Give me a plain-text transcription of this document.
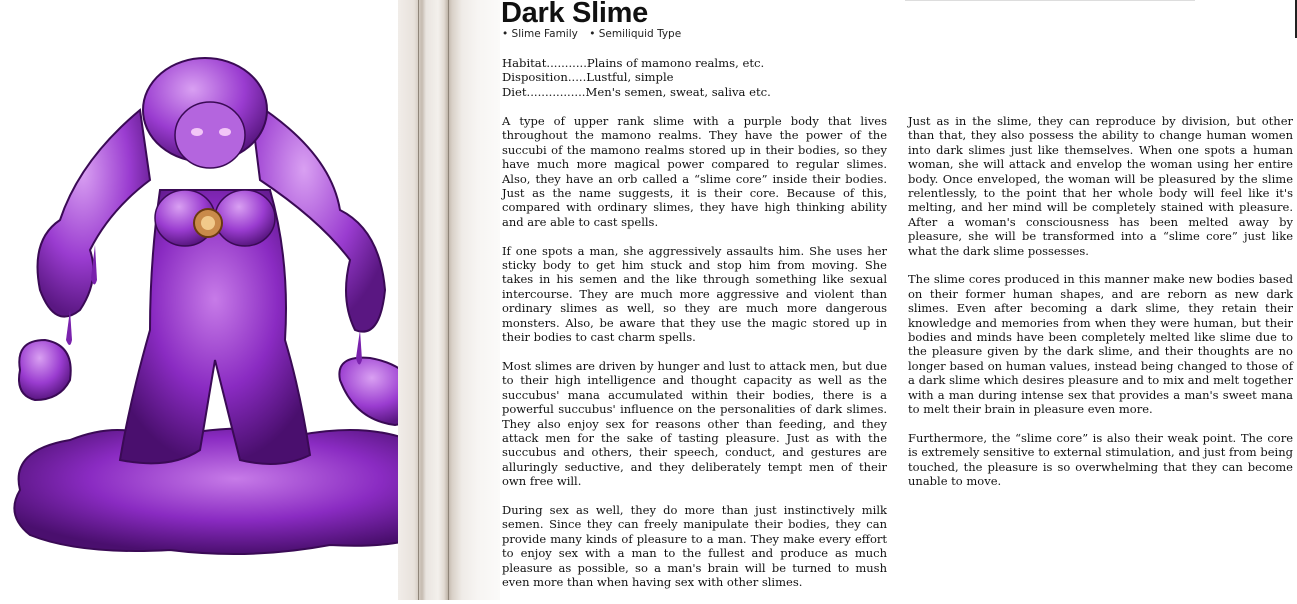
Dark Slime
• Slime Family • Semiliquid Type
Habitat...........Plains of mamono realms, etc.
Disposition.....Lustful, simple
Diet................Men's semen, sweat, saliva etc.

A type of upper rank slime with a purple body that lives throughout the mamono realms. They have the power of the succubi of the mamono realms stored up in their bodies, so they have much more magical power compared to regular slimes. Also, they have an orb called a “slime core” inside their bodies. Just as the name suggests, it is their core. Because of this, compared with ordinary slimes, they have high thinking ability and are able to cast spells.

If one spots a man, she aggressively assaults him. She uses her sticky body to get him stuck and stop him from moving. She takes in his semen and the like through something like sexual intercourse. They are much more aggressive and violent than ordinary slimes as well, so they are much more dangerous monsters. Also, be aware that they use the magic stored up in their bodies to cast charm spells.

Most slimes are driven by hunger and lust to attack men, but due to their high intelligence and thought capacity as well as the succubus' mana accumulated within their bodies, there is a powerful succubus' influence on the personalities of dark slimes. They also enjoy sex for reasons other than feeding, and they attack men for the sake of tasting pleasure. Just as with the succubus and others, their speech, conduct, and gestures are alluringly seductive, and they deliberately tempt men of their own free will.

During sex as well, they do more than just instinctively milk semen. Since they can freely manipulate their bodies, they can provide many kinds of pleasure to a man. They make every effort to enjoy sex with a man to the fullest and produce as much pleasure as possible, so a man's brain will be turned to mush even more than when having sex with other slimes.

Just as in the slime, they can reproduce by division, but other than that, they also possess the ability to change human women into dark slimes just like themselves. When one spots a human woman, she will attack and envelop the woman using her entire body. Once enveloped, the woman will be pleasured by the slime relentlessly, to the point that her whole body will feel like it's melting, and her mind will be completely stained with pleasure. After a woman's consciousness has been melted away by pleasure, she will be transformed into a “slime core” just like what the dark slime possesses.

The slime cores produced in this manner make new bodies based on their former human shapes, and are reborn as new dark slimes. Even after becoming a dark slime, they retain their knowledge and memories from when they were human, but their bodies and minds have been completely melted like slime due to the pleasure given by the dark slime, and their thoughts are no longer based on human values, instead being changed to those of a dark slime which desires pleasure and to mix and melt together with a man during intense sex that provides a man's sweet mana to melt their brain in pleasure even more.

Furthermore, the “slime core” is also their weak point. The core is extremely sensitive to external stimulation, and just from being touched, the pleasure is so overwhelming that they can become unable to move.
